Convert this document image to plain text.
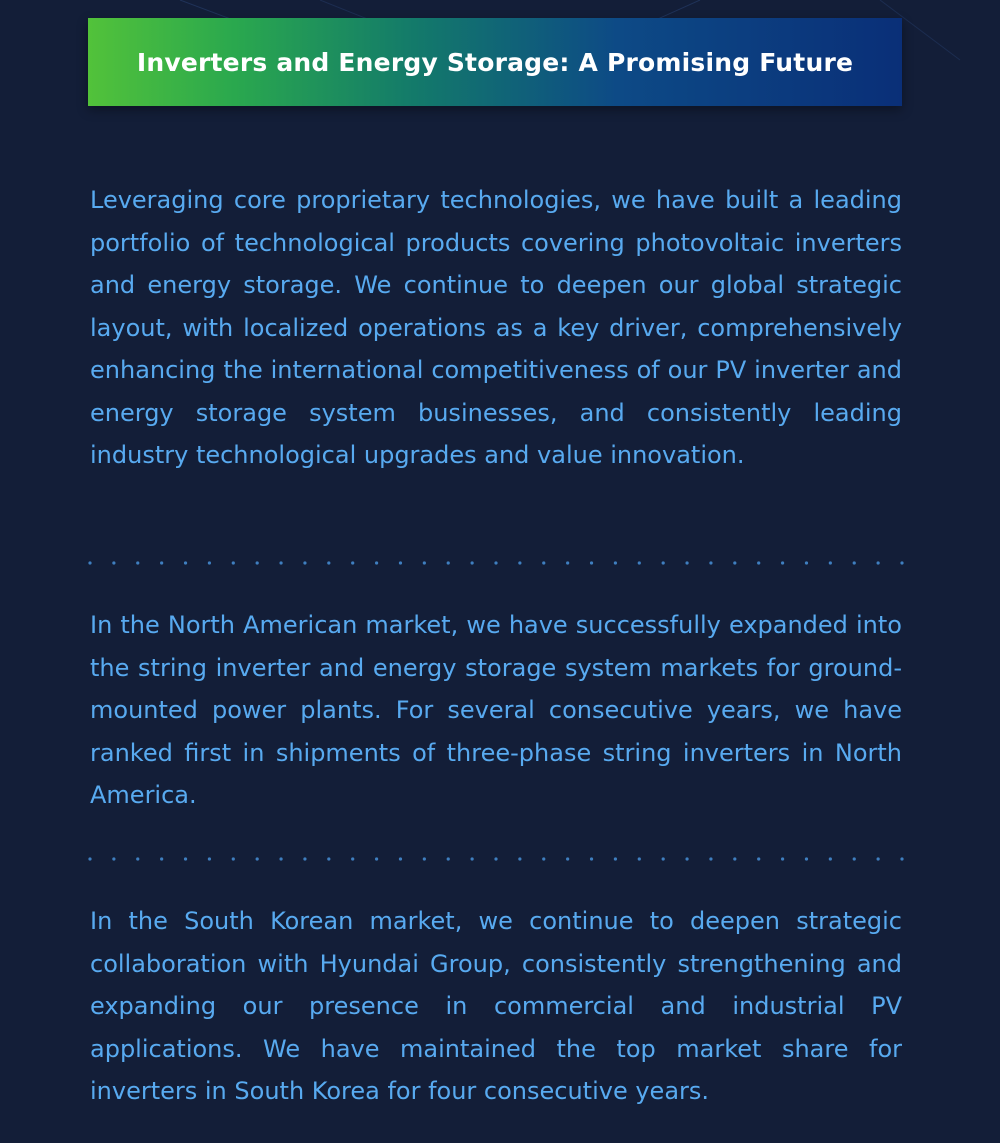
Inverters and Energy Storage: A Promising Future

Leveraging core proprietary technologies, we have built a leading portfolio of technological products covering photovoltaic inverters and energy storage. We continue to deepen our global strategic layout, with localized operations as a key driver, comprehensively enhancing the international competitiveness of our PV inverter and energy storage system businesses, and consistently leading industry technological upgrades and value innovation.

In the North American market, we have successfully expanded into the string inverter and energy storage system markets for ground-mounted power plants. For several consecutive years, we have ranked first in shipments of three-phase string inverters in North America.

In the South Korean market, we continue to deepen strategic collaboration with Hyundai Group, consistently strengthening and expanding our presence in commercial and industrial PV applications. We have maintained the top market share for inverters in South Korea for four consecutive years.
